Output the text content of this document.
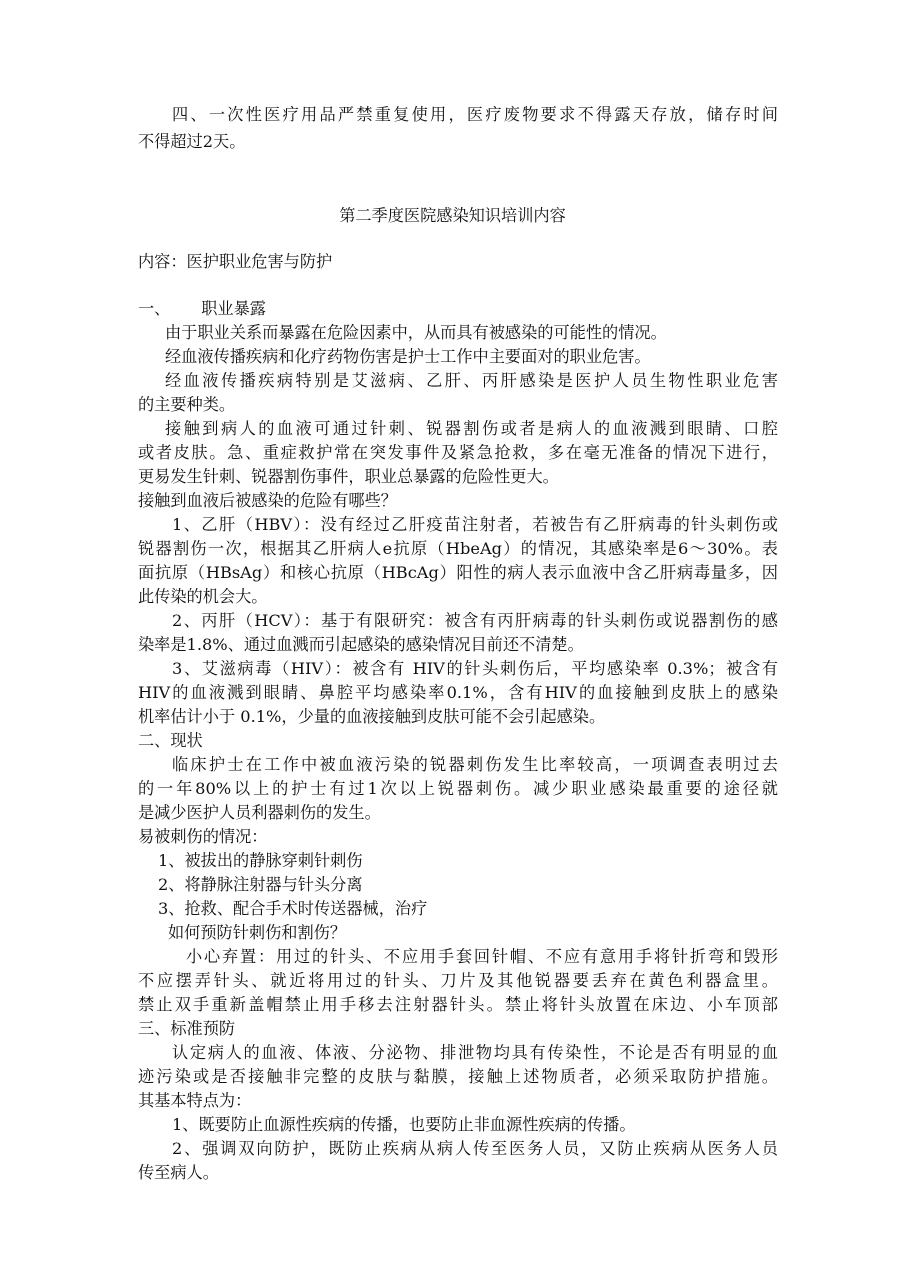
四、一次性医疗用品严禁重复使用，医疗废物要求不得露天存放，储存时间
不得超过2天。
第二季度医院感染知识培训内容
内容：医护职业危害与防护
一、      职业暴露
由于职业关系而暴露在危险因素中，从而具有被感染的可能性的情况。
经血液传播疾病和化疗药物伤害是护士工作中主要面对的职业危害。
经血液传播疾病特别是艾滋病、乙肝、丙肝感染是医护人员生物性职业危害
的主要种类。
接触到病人的血液可通过针刺、锐器割伤或者是病人的血液溅到眼睛、口腔
或者皮肤。急、重症救护常在突发事件及紧急抢救，多在毫无准备的情况下进行，
更易发生针刺、锐器割伤事件，职业总暴露的危险性更大。
接触到血液后被感染的危险有哪些？
1、乙肝（HBV）：没有经过乙肝疫苗注射者，若被告有乙肝病毒的针头刺伤或
锐器割伤一次，根据其乙肝病人e抗原（HbeAg）的情况，其感染率是6～30%。表
面抗原（HBsAg）和核心抗原（HBcAg）阳性的病人表示血液中含乙肝病毒量多，因
此传染的机会大。
2、丙肝（HCV）：基于有限研究：被含有丙肝病毒的针头刺伤或说器割伤的感
染率是1.8%、通过血溅而引起感染的感染情况目前还不清楚。
3、艾滋病毒（HIV）：被含有 HIV的针头刺伤后，平均感染率 0.3%；被含有
HIV的血液溅到眼睛、鼻腔平均感染率0.1%，含有HIV的血接触到皮肤上的感染
机率估计小于 0.1%，少量的血液接触到皮肤可能不会引起感染。
二、现状
临床护士在工作中被血液污染的锐器刺伤发生比率较高，一项调查表明过去
的一年80%以上的护士有过1次以上锐器刺伤。减少职业感染最重要的途径就
是减少医护人员利器刺伤的发生。
易被刺伤的情况：
1、被拔出的静脉穿刺针刺伤
2、将静脉注射器与针头分离
3、抢救、配合手术时传送器械，治疗
如何预防针刺伤和割伤？
小心弃置：用过的针头、不应用手套回针帽、不应有意用手将针折弯和毁形
不应摆弄针头、就近将用过的针头、刀片及其他锐器要丢弃在黄色利器盒里。
禁止双手重新盖帽禁止用手移去注射器针头。禁止将针头放置在床边、小车顶部
三、标准预防
认定病人的血液、体液、分泌物、排泄物均具有传染性，不论是否有明显的血
迹污染或是否接触非完整的皮肤与黏膜，接触上述物质者，必须采取防护措施。
其基本特点为：
1、既要防止血源性疾病的传播，也要防止非血源性疾病的传播。
2、强调双向防护，既防止疾病从病人传至医务人员，又防止疾病从医务人员
传至病人。
